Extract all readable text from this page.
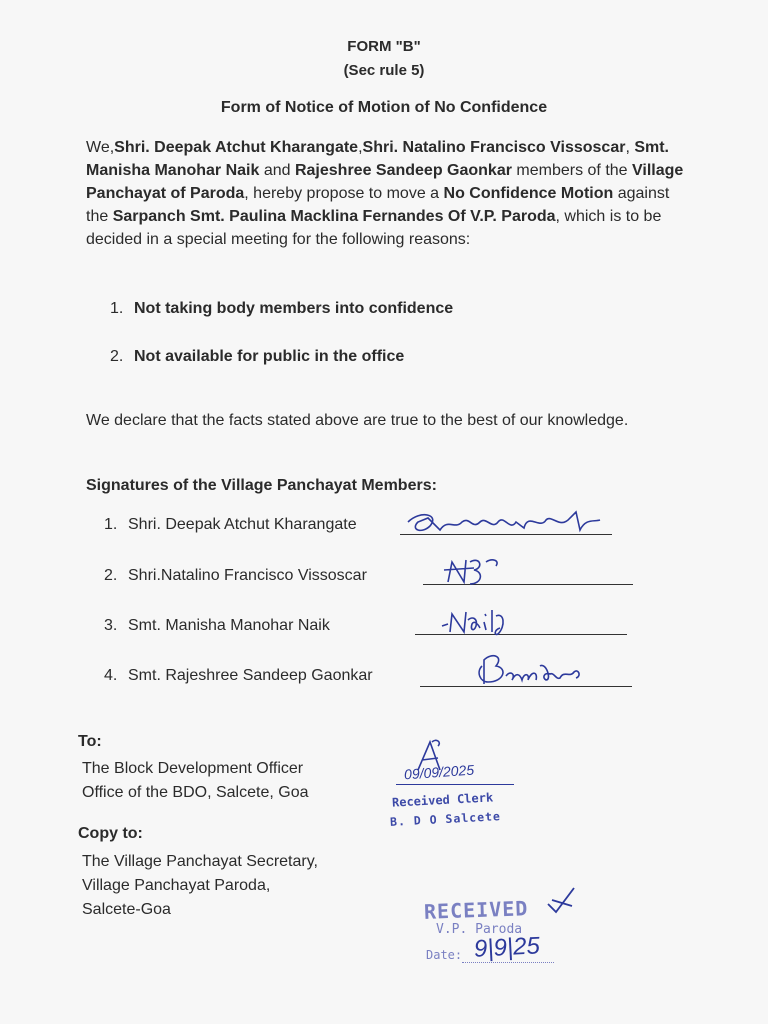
FORM "B"
(Sec rule 5)
Form of Notice of Motion of No Confidence
We,Shri. Deepak Atchut Kharangate,Shri. Natalino Francisco Vissoscar, Smt. Manisha Manohar Naik and Rajeshree Sandeep Gaonkar members of the Village Panchayat of Paroda, hereby propose to move a No Confidence Motion against the Sarpanch Smt. Paulina Macklina Fernandes Of V.P. Paroda, which is to be decided in a special meeting for the following reasons:
1. Not taking body members into confidence
2. Not available for public in the office
We declare that the facts stated above are true to the best of our knowledge.
Signatures of the Village Panchayat Members:
1. Shri. Deepak Atchut Kharangate
2. Shri.Natalino Francisco Vissoscar
3. Smt. Manisha Manohar Naik
4. Smt. Rajeshree Sandeep Gaonkar
To:
The Block Development Officer
Office of the BDO, Salcete, Goa
Copy to:
The Village Panchayat Secretary,
Village Panchayat Paroda,
Salcete-Goa
09/09/2025
Received Clerk
B. D O Salcete
RECEIVED
V.P. Paroda
Date: 9|9|25
